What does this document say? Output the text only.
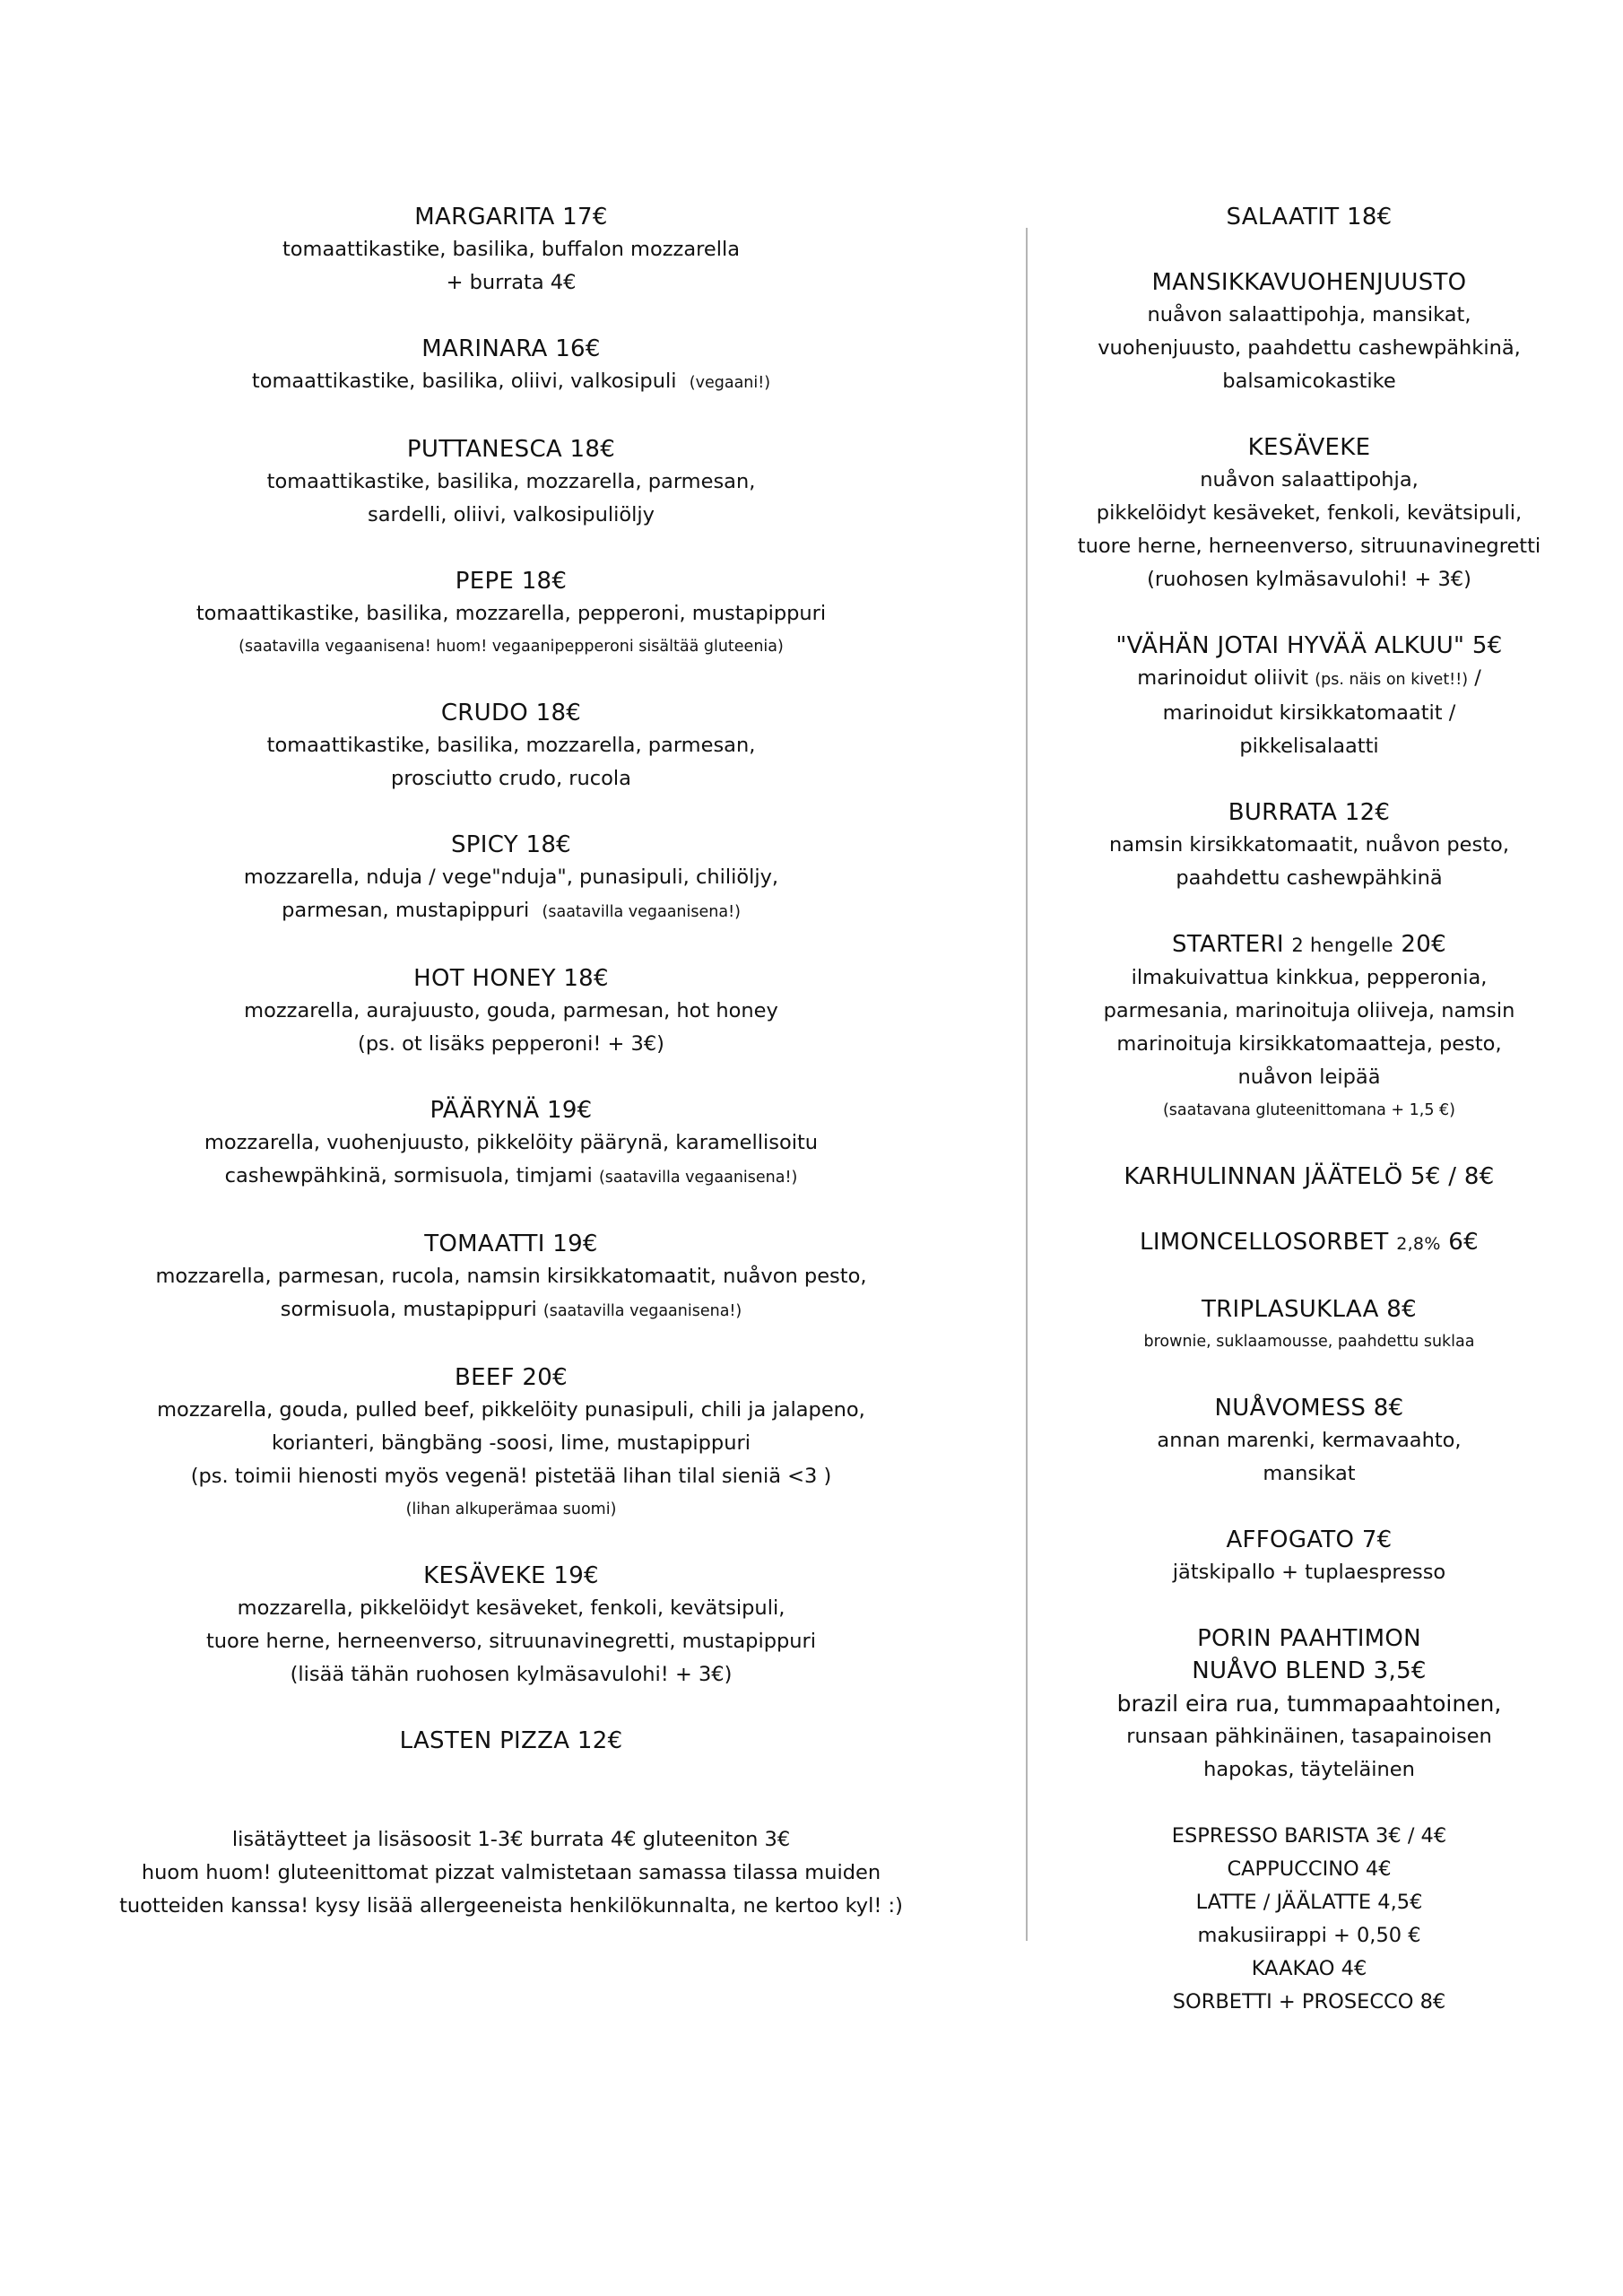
MARGARITA 17€
tomaattikastike, basilika, buffalon mozzarella
+ burrata 4€
MARINARA 16€
tomaattikastike, basilika, oliivi, valkosipuli (vegaani!)
PUTTANESCA 18€
tomaattikastike, basilika, mozzarella, parmesan,
sardelli, oliivi, valkosipuliöljy
PEPE 18€
tomaattikastike, basilika, mozzarella, pepperoni, mustapippuri
(saatavilla vegaanisena! huom! vegaanipepperoni sisältää gluteenia)
CRUDO 18€
tomaattikastike, basilika, mozzarella, parmesan,
prosciutto crudo, rucola
SPICY 18€
mozzarella, nduja / vege"nduja", punasipuli, chiliöljy,
parmesan, mustapippuri (saatavilla vegaanisena!)
HOT HONEY 18€
mozzarella, aurajuusto, gouda, parmesan, hot honey
(ps. ot lisäks pepperoni! + 3€)
PÄÄRYNÄ 19€
mozzarella, vuohenjuusto, pikkelöity päärynä, karamellisoitu
cashewpähkinä, sormisuola, timjami (saatavilla vegaanisena!)
TOMAATTI 19€
mozzarella, parmesan, rucola, namsin kirsikkatomaatit, nuåvon pesto,
sormisuola, mustapippuri (saatavilla vegaanisena!)
BEEF 20€
mozzarella, gouda, pulled beef, pikkelöity punasipuli, chili ja jalapeno,
korianteri, bängbäng -soosi, lime, mustapippuri
(ps. toimii hienosti myös vegenä! pistetää lihan tilal sieniä <3 )
(lihan alkuperämaa suomi)
KESÄVEKE 19€
mozzarella, pikkelöidyt kesäveket, fenkoli, kevätsipuli,
tuore herne, herneenverso, sitruunavinegretti, mustapippuri
(lisää tähän ruohosen kylmäsavulohi! + 3€)
LASTEN PIZZA 12€
lisätäytteet ja lisäsoosit 1-3€ burrata 4€ gluteeniton 3€
huom huom! gluteenittomat pizzat valmistetaan samassa tilassa muiden
tuotteiden kanssa! kysy lisää allergeeneista henkilökunnalta, ne kertoo kyl! :)
SALAATIT 18€
MANSIKKAVUOHENJUUSTO
nuåvon salaattipohja, mansikat,
vuohenjuusto, paahdettu cashewpähkinä,
balsamicokastike
KESÄVEKE
nuåvon salaattipohja,
pikkelöidyt kesäveket, fenkoli, kevätsipuli,
tuore herne, herneenverso, sitruunavinegretti
(ruohosen kylmäsavulohi! + 3€)
"VÄHÄN JOTAI HYVÄÄ ALKUU" 5€
marinoidut oliivit (ps. näis on kivet!!) /
marinoidut kirsikkatomaatit /
pikkelisalaatti
BURRATA 12€
namsin kirsikkatomaatit, nuåvon pesto,
paahdettu cashewpähkinä
STARTERI 2 hengelle 20€
ilmakuivattua kinkkua, pepperonia,
parmesania, marinoituja oliiveja, namsin
marinoituja kirsikkatomaatteja, pesto,
nuåvon leipää
(saatavana gluteenittomana + 1,5 €)
KARHULINNAN JÄÄTELÖ 5€ / 8€
LIMONCELLOSORBET 2,8% 6€
TRIPLASUKLAA 8€
brownie, suklaamousse, paahdettu suklaa
NUÅVOMESS 8€
annan marenki, kermavaahto,
mansikat
AFFOGATO 7€
jätskipallo + tuplaespresso
PORIN PAAHTIMON
NUÅVO BLEND 3,5€
brazil eira rua, tummapaahtoinen,
runsaan pähkinäinen, tasapainoisen
hapokas, täyteläinen
ESPRESSO BARISTA 3€ / 4€
CAPPUCCINO 4€
LATTE / JÄÄLATTE 4,5€
makusiirappi + 0,50 €
KAAKAO 4€
SORBETTI + PROSECCO 8€
